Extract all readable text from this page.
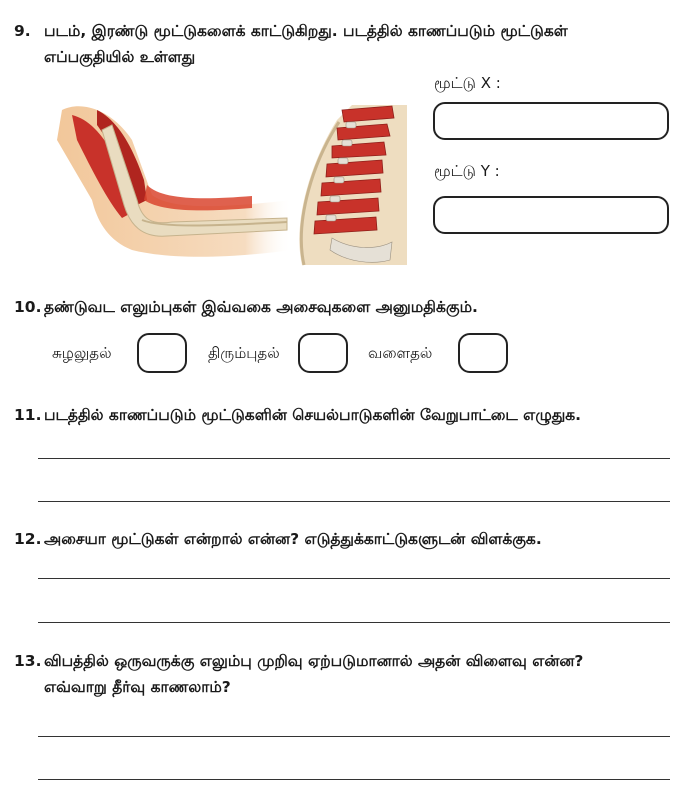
9. படம், இரண்டு மூட்டுகளைக் காட்டுகிறது. படத்தில் காணப்படும் மூட்டுகள்
எப்பகுதியில் உள்ளது
மூட்டு X :
மூட்டு Y :
10. தண்டுவட எலும்புகள் இவ்வகை அசைவுகளை அனுமதிக்கும்.
சுழலுதல்	திரும்புதல்	வளைதல்
11. படத்தில் காணப்படும் மூட்டுகளின் செயல்பாடுகளின் வேறுபாட்டை எழுதுக.
12. அசையா மூட்டுகள் என்றால் என்ன? எடுத்துக்காட்டுகளுடன் விளக்குக.
13. விபத்தில் ஒருவருக்கு எலும்பு முறிவு ஏற்படுமானால் அதன் விளைவு என்ன?
எவ்வாறு தீர்வு காணலாம்?
